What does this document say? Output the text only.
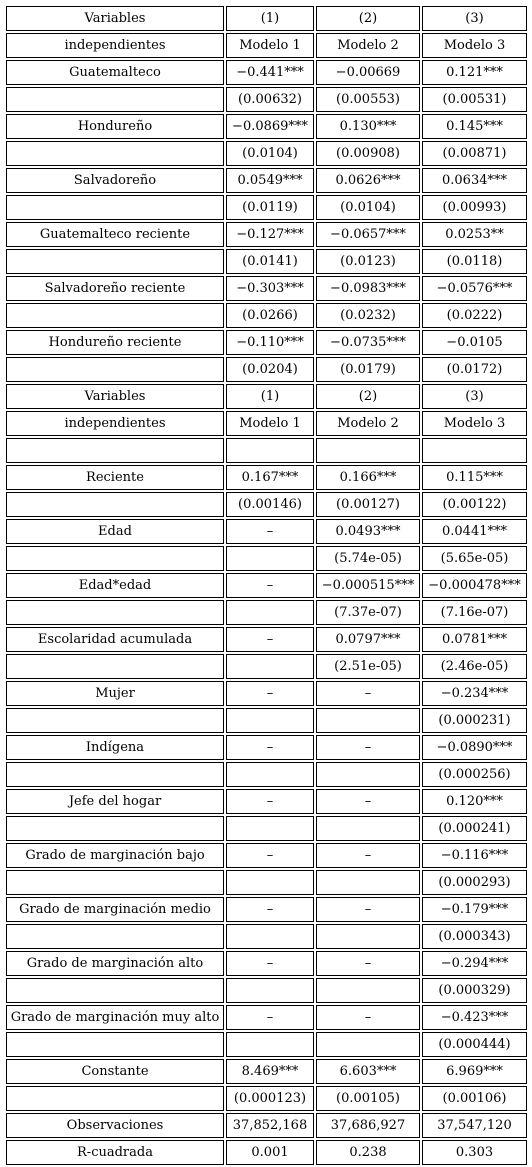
Variables	(1)	(2)	(3)
independientes	Modelo 1	Modelo 2	Modelo 3
Guatemalteco	−0.441***	−0.00669	0.121***
	(0.00632)	(0.00553)	(0.00531)
Hondureño	−0.0869***	0.130***	0.145***
	(0.0104)	(0.00908)	(0.00871)
Salvadoreño	0.0549***	0.0626***	0.0634***
	(0.0119)	(0.0104)	(0.00993)
Guatemalteco reciente	−0.127***	−0.0657***	0.0253**
	(0.0141)	(0.0123)	(0.0118)
Salvadoreño reciente	−0.303***	−0.0983***	−0.0576***
	(0.0266)	(0.0232)	(0.0222)
Hondureño reciente	−0.110***	−0.0735***	−0.0105
	(0.0204)	(0.0179)	(0.0172)
Variables	(1)	(2)	(3)
independientes	Modelo 1	Modelo 2	Modelo 3

Reciente	0.167***	0.166***	0.115***
	(0.00146)	(0.00127)	(0.00122)
Edad	–	0.0493***	0.0441***
		(5.74e-05)	(5.65e-05)
Edad*edad	–	−0.000515***	−0.000478***
		(7.37e-07)	(7.16e-07)
Escolaridad acumulada	–	0.0797***	0.0781***
		(2.51e-05)	(2.46e-05)
Mujer	–	–	−0.234***
			(0.000231)
Indígena	–	–	−0.0890***
			(0.000256)
Jefe del hogar	–	–	0.120***
			(0.000241)
Grado de marginación bajo	–	–	−0.116***
			(0.000293)
Grado de marginación medio	–	–	−0.179***
			(0.000343)
Grado de marginación alto	–	–	−0.294***
			(0.000329)
Grado de marginación muy alto	–	–	−0.423***
			(0.000444)
Constante	8.469***	6.603***	6.969***
	(0.000123)	(0.00105)	(0.00106)
Observaciones	37,852,168	37,686,927	37,547,120
R-cuadrada	0.001	0.238	0.303
